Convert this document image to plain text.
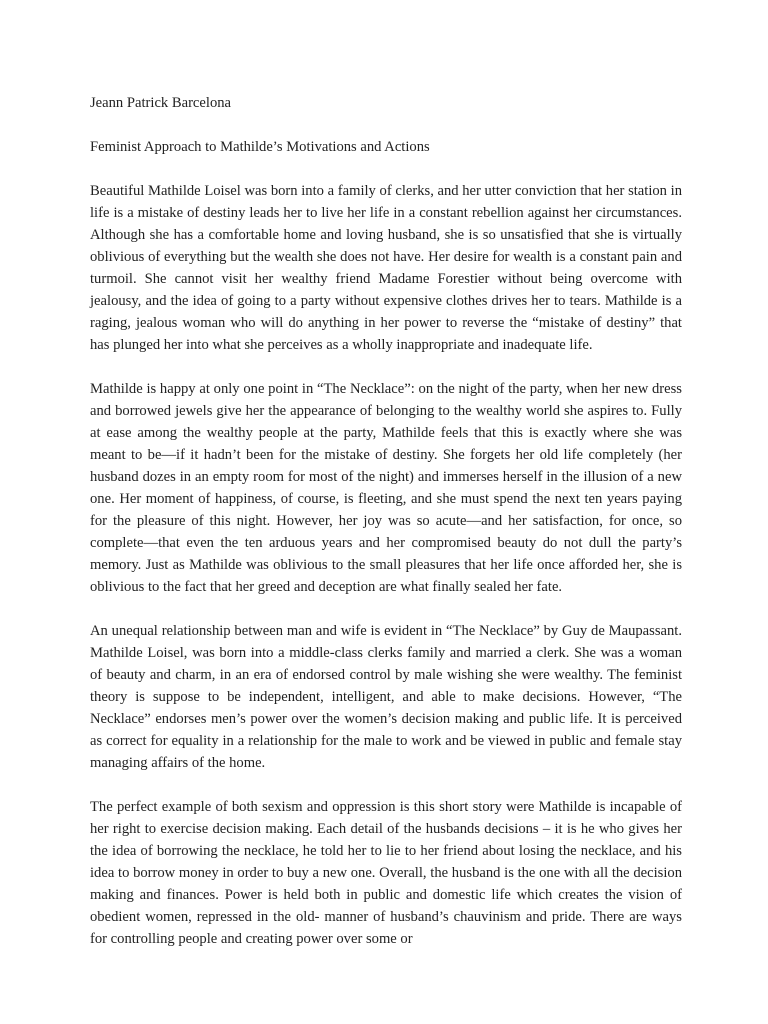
Jeann Patrick Barcelona

Feminist Approach to Mathilde’s Motivations and Actions

Beautiful Mathilde Loisel was born into a family of clerks, and her utter conviction that her station in life is a mistake of destiny leads her to live her life in a constant rebellion against her circumstances. Although she has a comfortable home and loving husband, she is so unsatisfied that she is virtually oblivious of everything but the wealth she does not have. Her desire for wealth is a constant pain and turmoil. She cannot visit her wealthy friend Madame Forestier without being overcome with jealousy, and the idea of going to a party without expensive clothes drives her to tears. Mathilde is a raging, jealous woman who will do anything in her power to reverse the “mistake of destiny” that has plunged her into what she perceives as a wholly inappropriate and inadequate life.

Mathilde is happy at only one point in “The Necklace”: on the night of the party, when her new dress and borrowed jewels give her the appearance of belonging to the wealthy world she aspires to. Fully at ease among the wealthy people at the party, Mathilde feels that this is exactly where she was meant to be—if it hadn’t been for the mistake of destiny. She forgets her old life completely (her husband dozes in an empty room for most of the night) and immerses herself in the illusion of a new one. Her moment of happiness, of course, is fleeting, and she must spend the next ten years paying for the pleasure of this night. However, her joy was so acute—and her satisfaction, for once, so complete—that even the ten arduous years and her compromised beauty do not dull the party’s memory. Just as Mathilde was oblivious to the small pleasures that her life once afforded her, she is oblivious to the fact that her greed and deception are what finally sealed her fate.

An unequal relationship between man and wife is evident in “The Necklace” by Guy de Maupassant. Mathilde Loisel, was born into a middle-class clerks family and married a clerk. She was a woman of beauty and charm, in an era of endorsed control by male wishing she were wealthy. The feminist theory is suppose to be independent, intelligent, and able to make decisions. However, “The Necklace” endorses men’s power over the women’s decision making and public life. It is perceived as correct for equality in a relationship for the male to work and be viewed in public and female stay managing affairs of the home.

The perfect example of both sexism and oppression is this short story were Mathilde is incapable of her right to exercise decision making. Each detail of the husbands decisions – it is he who gives her the idea of borrowing the necklace, he told her to lie to her friend about losing the necklace, and his idea to borrow money in order to buy a new one. Overall, the husband is the one with all the decision making and finances. Power is held both in public and domestic life which creates the vision of obedient women, repressed in the old- manner of husband’s chauvinism and pride. There are ways for controlling people and creating power over some or
